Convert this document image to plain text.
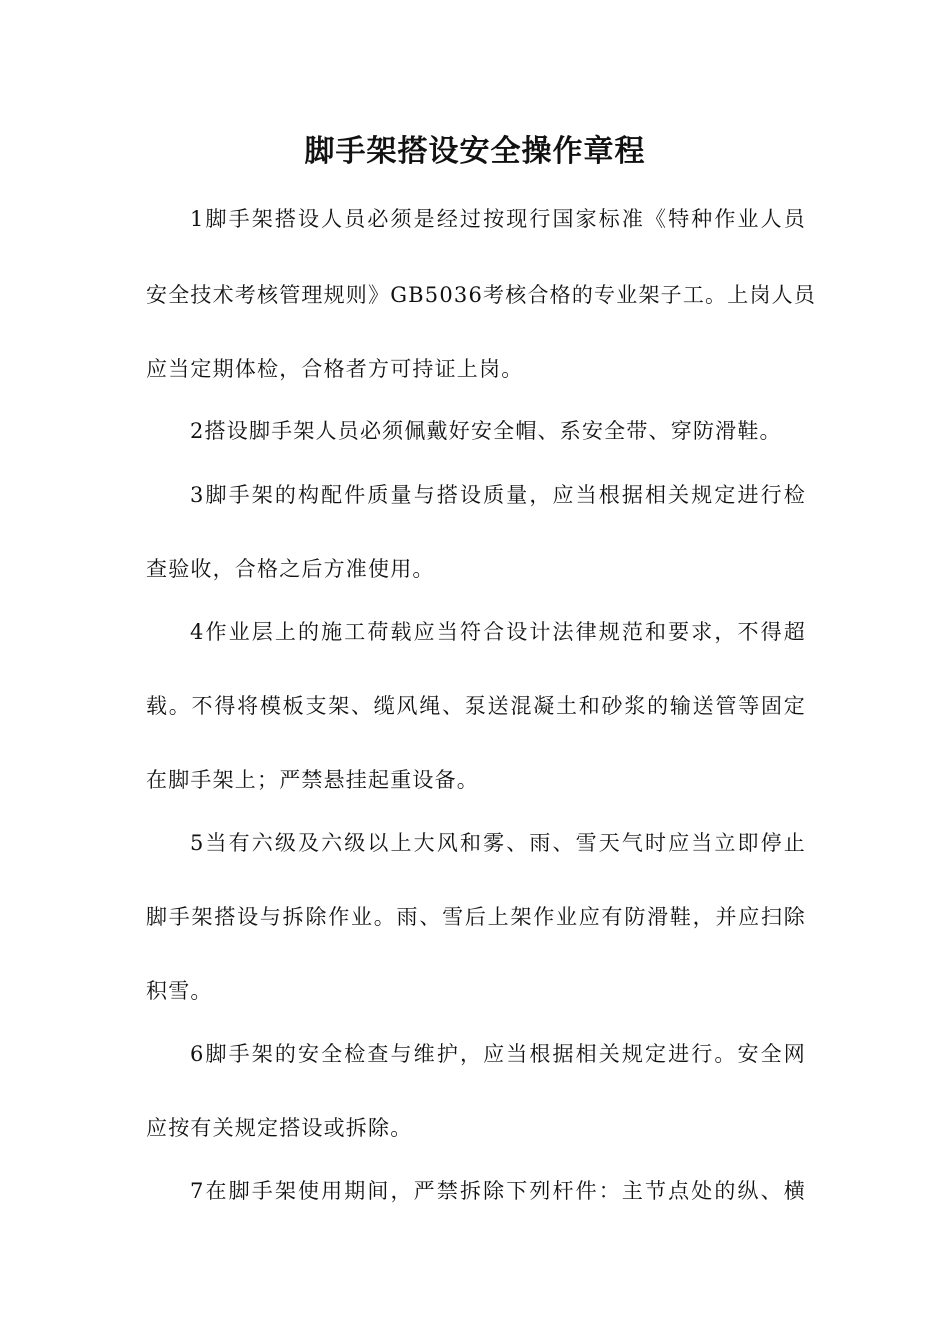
脚手架搭设安全操作章程

1脚手架搭设人员必须是经过按现行国家标准《特种作业人员

安全技术考核管理规则》GB5036考核合格的专业架子工。上岗人员

应当定期体检，合格者方可持证上岗。

2搭设脚手架人员必须佩戴好安全帽、系安全带、穿防滑鞋。

3脚手架的构配件质量与搭设质量，应当根据相关规定进行检

查验收，合格之后方准使用。

4作业层上的施工荷载应当符合设计法律规范和要求，不得超

载。不得将模板支架、缆风绳、泵送混凝土和砂浆的输送管等固定

在脚手架上；严禁悬挂起重设备。

5当有六级及六级以上大风和雾、雨、雪天气时应当立即停止

脚手架搭设与拆除作业。雨、雪后上架作业应有防滑鞋，并应扫除

积雪。

6脚手架的安全检查与维护，应当根据相关规定进行。安全网

应按有关规定搭设或拆除。

7在脚手架使用期间，严禁拆除下列杆件：主节点处的纵、横
